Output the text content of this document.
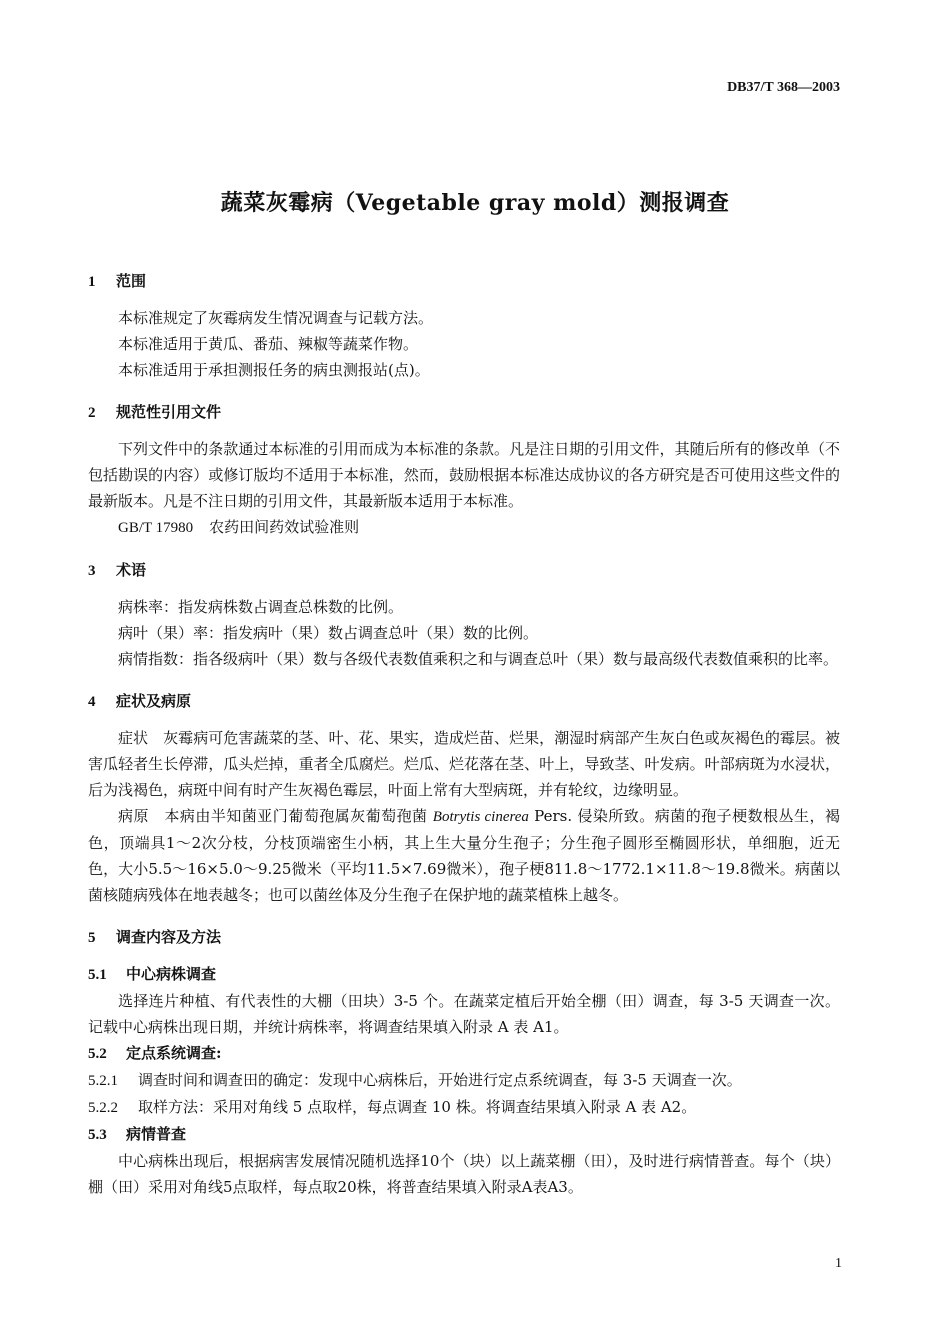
DB37/T 368—2003
蔬菜灰霉病（Vegetable gray mold）测报调查
1 范围

本标准规定了灰霉病发生情况调查与记载方法。

本标准适用于黄瓜、番茄、辣椒等蔬菜作物。

本标准适用于承担测报任务的病虫测报站(点)。

2 规范性引用文件

下列文件中的条款通过本标准的引用而成为本标准的条款。凡是注日期的引用文件，其随后所有的修改单（不包括勘误的内容）或修订版均不适用于本标准，然而，鼓励根据本标准达成协议的各方研究是否可使用这些文件的最新版本。凡是不注日期的引用文件，其最新版本适用于本标准。

GB/T 17980 农药田间药效试验准则

3 术语

病株率：指发病株数占调查总株数的比例。

病叶（果）率：指发病叶（果）数占调查总叶（果）数的比例。

病情指数：指各级病叶（果）数与各级代表数值乘积之和与调查总叶（果）数与最高级代表数值乘积的比率。

4 症状及病原

症状　灰霉病可危害蔬菜的茎、叶、花、果实，造成烂苗、烂果，潮湿时病部产生灰白色或灰褐色的霉层。被害瓜轻者生长停滞，瓜头烂掉，重者全瓜腐烂。烂瓜、烂花落在茎、叶上，导致茎、叶发病。叶部病斑为水浸状，后为浅褐色，病斑中间有时产生灰褐色霉层，叶面上常有大型病斑，并有轮纹，边缘明显。

病原　本病由半知菌亚门葡萄孢属灰葡萄孢菌 Botrytis cinerea Pers. 侵染所致。病菌的孢子梗数根丛生，褐色，顶端具1～2次分枝，分枝顶端密生小柄，其上生大量分生孢子；分生孢子圆形至椭圆形状，单细胞，近无色，大小5.5～16×5.0～9.25微米（平均11.5×7.69微米），孢子梗811.8～1772.1×11.8～19.8微米。病菌以菌核随病残体在地表越冬；也可以菌丝体及分生孢子在保护地的蔬菜植株上越冬。

5 调查内容及方法
5.1 中心病株调查

选择连片种植、有代表性的大棚（田块）3-5 个。在蔬菜定植后开始全棚（田）调查，每 3-5 天调查一次。记载中心病株出现日期，并统计病株率，将调查结果填入附录 A 表 A1。

5.2 定点系统调查:
5.2.1 调查时间和调查田的确定：发现中心病株后，开始进行定点系统调查，每 3-5 天调查一次。
5.2.2 取样方法：采用对角线 5 点取样，每点调查 10 株。将调查结果填入附录 A 表 A2。
5.3 病情普查

中心病株出现后，根据病害发展情况随机选择10个（块）以上蔬菜棚（田），及时进行病情普查。每个（块）棚（田）采用对角线5点取样，每点取20株，将普查结果填入附录A表A3。

1
